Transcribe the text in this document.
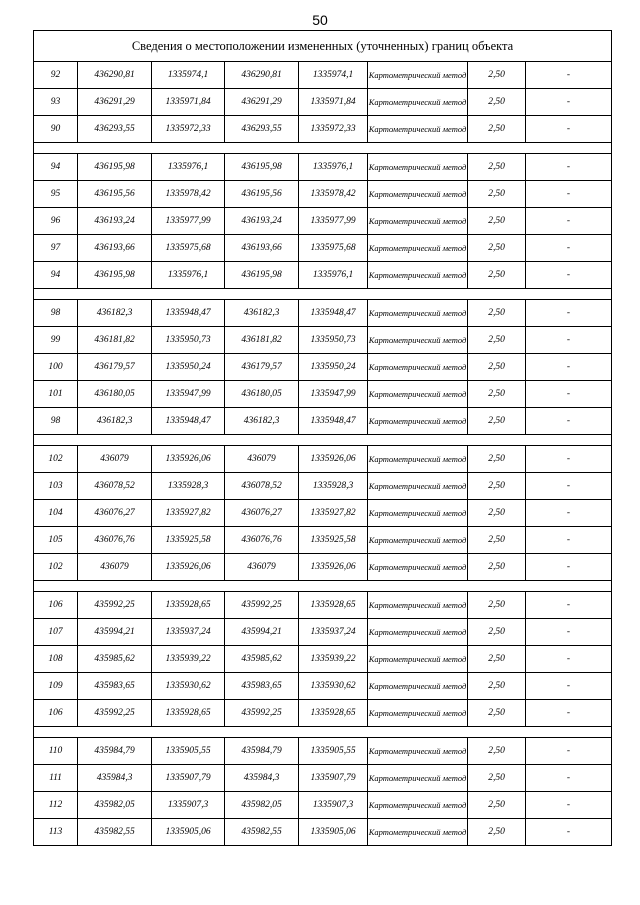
50
Сведения о местоположении измененных (уточненных) границ объекта							
92	436290,81	1335974,1	436290,81	1335974,1	Картометрический метод	2,50	-
93	436291,29	1335971,84	436291,29	1335971,84	Картометрический метод	2,50	-
90	436293,55	1335972,33	436293,55	1335972,33	Картометрический метод	2,50	-

94	436195,98	1335976,1	436195,98	1335976,1	Картометрический метод	2,50	-
95	436195,56	1335978,42	436195,56	1335978,42	Картометрический метод	2,50	-
96	436193,24	1335977,99	436193,24	1335977,99	Картометрический метод	2,50	-
97	436193,66	1335975,68	436193,66	1335975,68	Картометрический метод	2,50	-
94	436195,98	1335976,1	436195,98	1335976,1	Картометрический метод	2,50	-

98	436182,3	1335948,47	436182,3	1335948,47	Картометрический метод	2,50	-
99	436181,82	1335950,73	436181,82	1335950,73	Картометрический метод	2,50	-
100	436179,57	1335950,24	436179,57	1335950,24	Картометрический метод	2,50	-
101	436180,05	1335947,99	436180,05	1335947,99	Картометрический метод	2,50	-
98	436182,3	1335948,47	436182,3	1335948,47	Картометрический метод	2,50	-

102	436079	1335926,06	436079	1335926,06	Картометрический метод	2,50	-
103	436078,52	1335928,3	436078,52	1335928,3	Картометрический метод	2,50	-
104	436076,27	1335927,82	436076,27	1335927,82	Картометрический метод	2,50	-
105	436076,76	1335925,58	436076,76	1335925,58	Картометрический метод	2,50	-
102	436079	1335926,06	436079	1335926,06	Картометрический метод	2,50	-

106	435992,25	1335928,65	435992,25	1335928,65	Картометрический метод	2,50	-
107	435994,21	1335937,24	435994,21	1335937,24	Картометрический метод	2,50	-
108	435985,62	1335939,22	435985,62	1335939,22	Картометрический метод	2,50	-
109	435983,65	1335930,62	435983,65	1335930,62	Картометрический метод	2,50	-
106	435992,25	1335928,65	435992,25	1335928,65	Картометрический метод	2,50	-

110	435984,79	1335905,55	435984,79	1335905,55	Картометрический метод	2,50	-
111	435984,3	1335907,79	435984,3	1335907,79	Картометрический метод	2,50	-
112	435982,05	1335907,3	435982,05	1335907,3	Картометрический метод	2,50	-
113	435982,55	1335905,06	435982,55	1335905,06	Картометрический метод	2,50	-
